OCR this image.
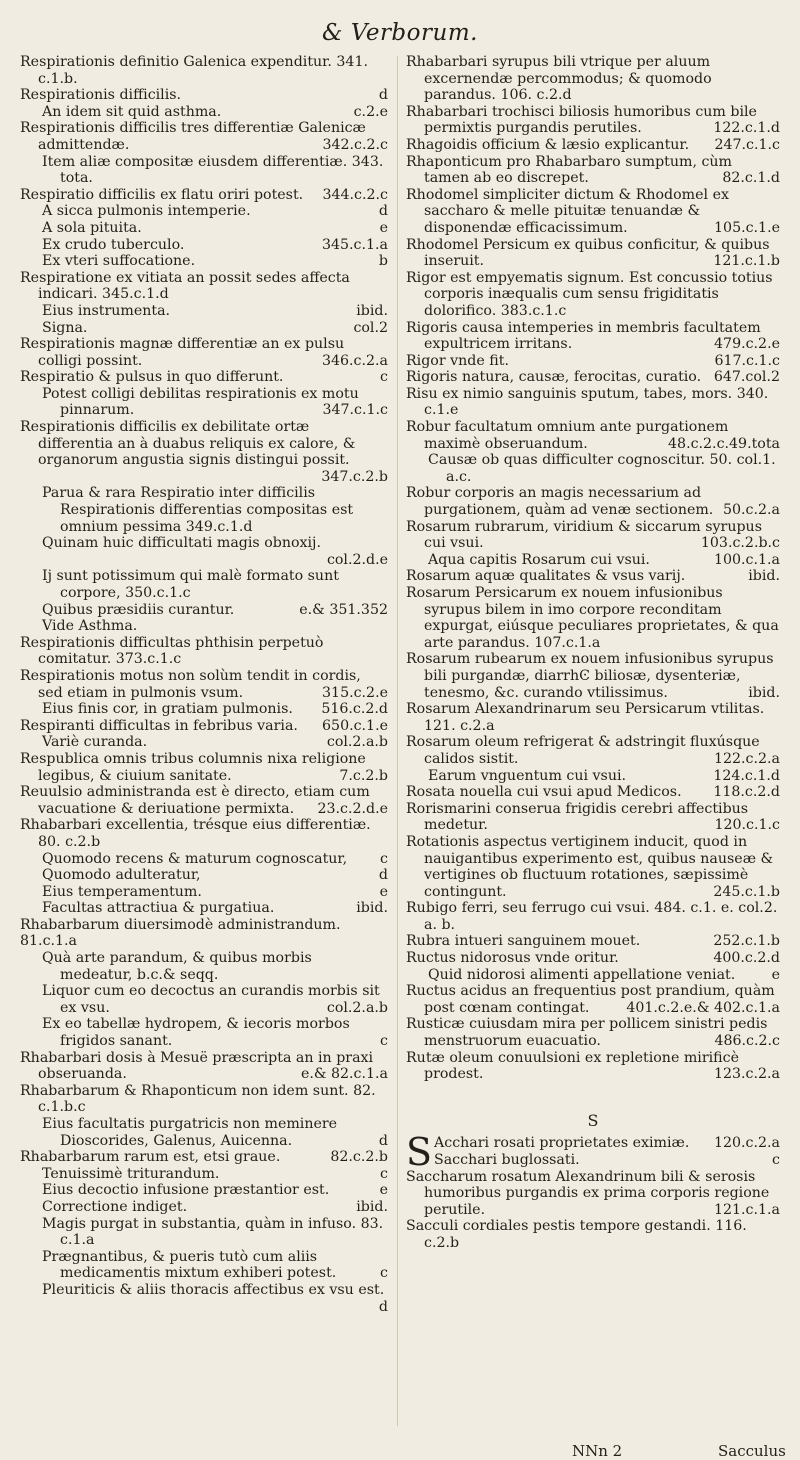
& Verborum.
Respirationis definitio Galenica expenditur. 341. c.1.b.
Respirationis difficilis.	d
An idem sit quid asthma.	c.2.e
Respirationis difficilis tres differentiæ Galenicæ admittendæ.	342.c.2.c
Item aliæ compositæ eiusdem differentiæ. 343. tota.
Respiratio difficilis ex flatu oriri potest.	344.c.2.c
A sicca pulmonis intemperie.	d
A sola pituita.	e
Ex crudo tuberculo.	345.c.1.a
Ex vteri suffocatione.	b
Respiratione ex vitiata an possit sedes affecta indicari. 345.c.1.d
Eius instrumenta.	ibid.
Signa.	col.2
Respirationis magnæ differentiæ an ex pulsu colligi possint.	346.c.2.a
Respiratio & pulsus in quo differunt.	c
Potest colligi debilitas respirationis ex motu pinnarum.	347.c.1.c
Respirationis difficilis ex debilitate ortæ differentia an à duabus reliquis ex calore, & organorum angustia signis distingui possit.
347.c.2.b
Parua & rara Respiratio inter difficilis Respirationis differentias compositas est omnium pessima 349.c.1.d
Quinam huic difficultati magis obnoxij.
col.2.d.e
Ij sunt potissimum qui malè formato sunt corpore, 350.c.1.c
Quibus præsidiis curantur.	e.& 351.352
Vide Asthma.
Respirationis difficultas phthisin perpetuò comitatur. 373.c.1.c
Respirationis motus non solùm tendit in cordis, sed etiam in pulmonis vsum.	315.c.2.e
Eius finis cor, in gratiam pulmonis.	516.c.2.d
Respiranti difficultas in febribus varia.	650.c.1.e
Variè curanda.	col.2.a.b
Respublica omnis tribus columnis nixa religione legibus, & ciuium sanitate.	7.c.2.b
Reuulsio administranda est è directo, etiam cum vacuatione & deriuatione permixta.	23.c.2.d.e
Rhabarbari excellentia, trésque eius differentiæ. 80. c.2.b
Quomodo recens & maturum cognoscatur,	c
Quomodo adulteratur,	d
Eius temperamentum.	e
Facultas attractiua & purgatiua.	ibid.
Rhabarbarum diuersimodè administrandum. 81.c.1.a
Quà arte parandum, & quibus morbis medeatur, b.c.& seqq.
Liquor cum eo decoctus an curandis morbis sit ex vsu.	col.2.a.b
Ex eo tabellæ hydropem, & iecoris morbos frigidos sanant.	c
Rhabarbari dosis à Mesuë præscripta an in praxi obseruanda.	e.& 82.c.1.a
Rhabarbarum & Rhaponticum non idem sunt. 82. c.1.b.c
Eius facultatis purgatricis non meminere Dioscorides, Galenus, Auicenna.	d
Rhabarbarum rarum est, etsi graue.	82.c.2.b
Tenuissimè triturandum.	c
Eius decoctio infusione præstantior est.	e
Correctione indiget.	ibid.
Magis purgat in substantia, quàm in infuso. 83. c.1.a
Prægnantibus, & pueris tutò cum aliis medicamentis mixtum exhiberi potest.	c
Pleuriticis & aliis thoracis affectibus ex vsu est.
d
Rhabarbari syrupus bili vtrique per aluum excernendæ percommodus; & quomodo parandus. 106. c.2.d
Rhabarbari trochisci biliosis humoribus cum bile permixtis purgandis perutiles.	122.c.1.d
Rhagoidis officium & læsio explicantur.	247.c.1.c
Rhaponticum pro Rhabarbaro sumptum, cùm tamen ab eo discrepet.	82.c.1.d
Rhodomel simpliciter dictum & Rhodomel ex saccharo & melle pituitæ tenuandæ & disponendæ efficacissimum.	105.c.1.e
Rhodomel Persicum ex quibus conficitur, & quibus inseruit.	121.c.1.b
Rigor est empyematis signum. Est concussio totius corporis inæqualis cum sensu frigiditatis dolorifico. 383.c.1.c
Rigoris causa intemperies in membris facultatem expultricem irritans.	479.c.2.e
Rigor vnde fit.	617.c.1.c
Rigoris natura, causæ, ferocitas, curatio. 647.col.2
Risu ex nimio sanguinis sputum, tabes, mors. 340. c.1.e
Robur facultatum omnium ante purgationem maximè obseruandum.	48.c.2.c.49.tota
Causæ ob quas difficulter cognoscitur. 50. col.1. a.c.
Robur corporis an magis necessarium ad purgationem, quàm ad venæ sectionem. 50.c.2.a
Rosarum rubrarum, viridium & siccarum syrupus cui vsui.	103.c.2.b.c
Aqua capitis Rosarum cui vsui.	100.c.1.a
Rosarum aquæ qualitates & vsus varij.	ibid.
Rosarum Persicarum ex nouem infusionibus syrupus bilem in imo corpore reconditam expurgat, eiúsque peculiares proprietates, & qua arte parandus. 107.c.1.a
Rosarum rubearum ex nouem infusionibus syrupus bili purgandæ, diarrhϾ biliosæ, dysenteriæ, tenesmo, &c. curando vtilissimus.	ibid.
Rosarum Alexandrinarum seu Persicarum vtilitas. 121. c.2.a
Rosarum oleum refrigerat & adstringit fluxúsque calidos sistit.	122.c.2.a
Earum vnguentum cui vsui.	124.c.1.d
Rosata nouella cui vsui apud Medicos.	118.c.2.d
Rorismarini conserua frigidis cerebri affectibus medetur.	120.c.1.c
Rotationis aspectus vertiginem inducit, quod in nauigantibus experimento est, quibus nauseæ & vertigines ob fluctuum rotationes, sæpissimè contingunt.	245.c.1.b
Rubigo ferri, seu ferrugo cui vsui. 484. c.1. e. col.2. a. b.
Rubra intueri sanguinem mouet.	252.c.1.b
Ructus nidorosus vnde oritur.	400.c.2.d
Quid nidorosi alimenti appellatione veniat.	e
Ructus acidus an frequentius post prandium, quàm post cœnam contingat.	401.c.2.e.& 402.c.1.a
Rusticæ cuiusdam mira per pollicem sinistri pedis menstruorum euacuatio.	486.c.2.c
Rutæ oleum conuulsioni ex repletione mirificè prodest.	123.c.2.a
S
S Acchari rosati proprietates eximiæ.	120.c.2.a
Sacchari buglossati.	c
Saccharum rosatum Alexandrinum bili & serosis humoribus purgandis ex prima corporis regione perutile.	121.c.1.a
Sacculi cordiales pestis tempore gestandi. 116. c.2.b
NNn 2	Sacculus
